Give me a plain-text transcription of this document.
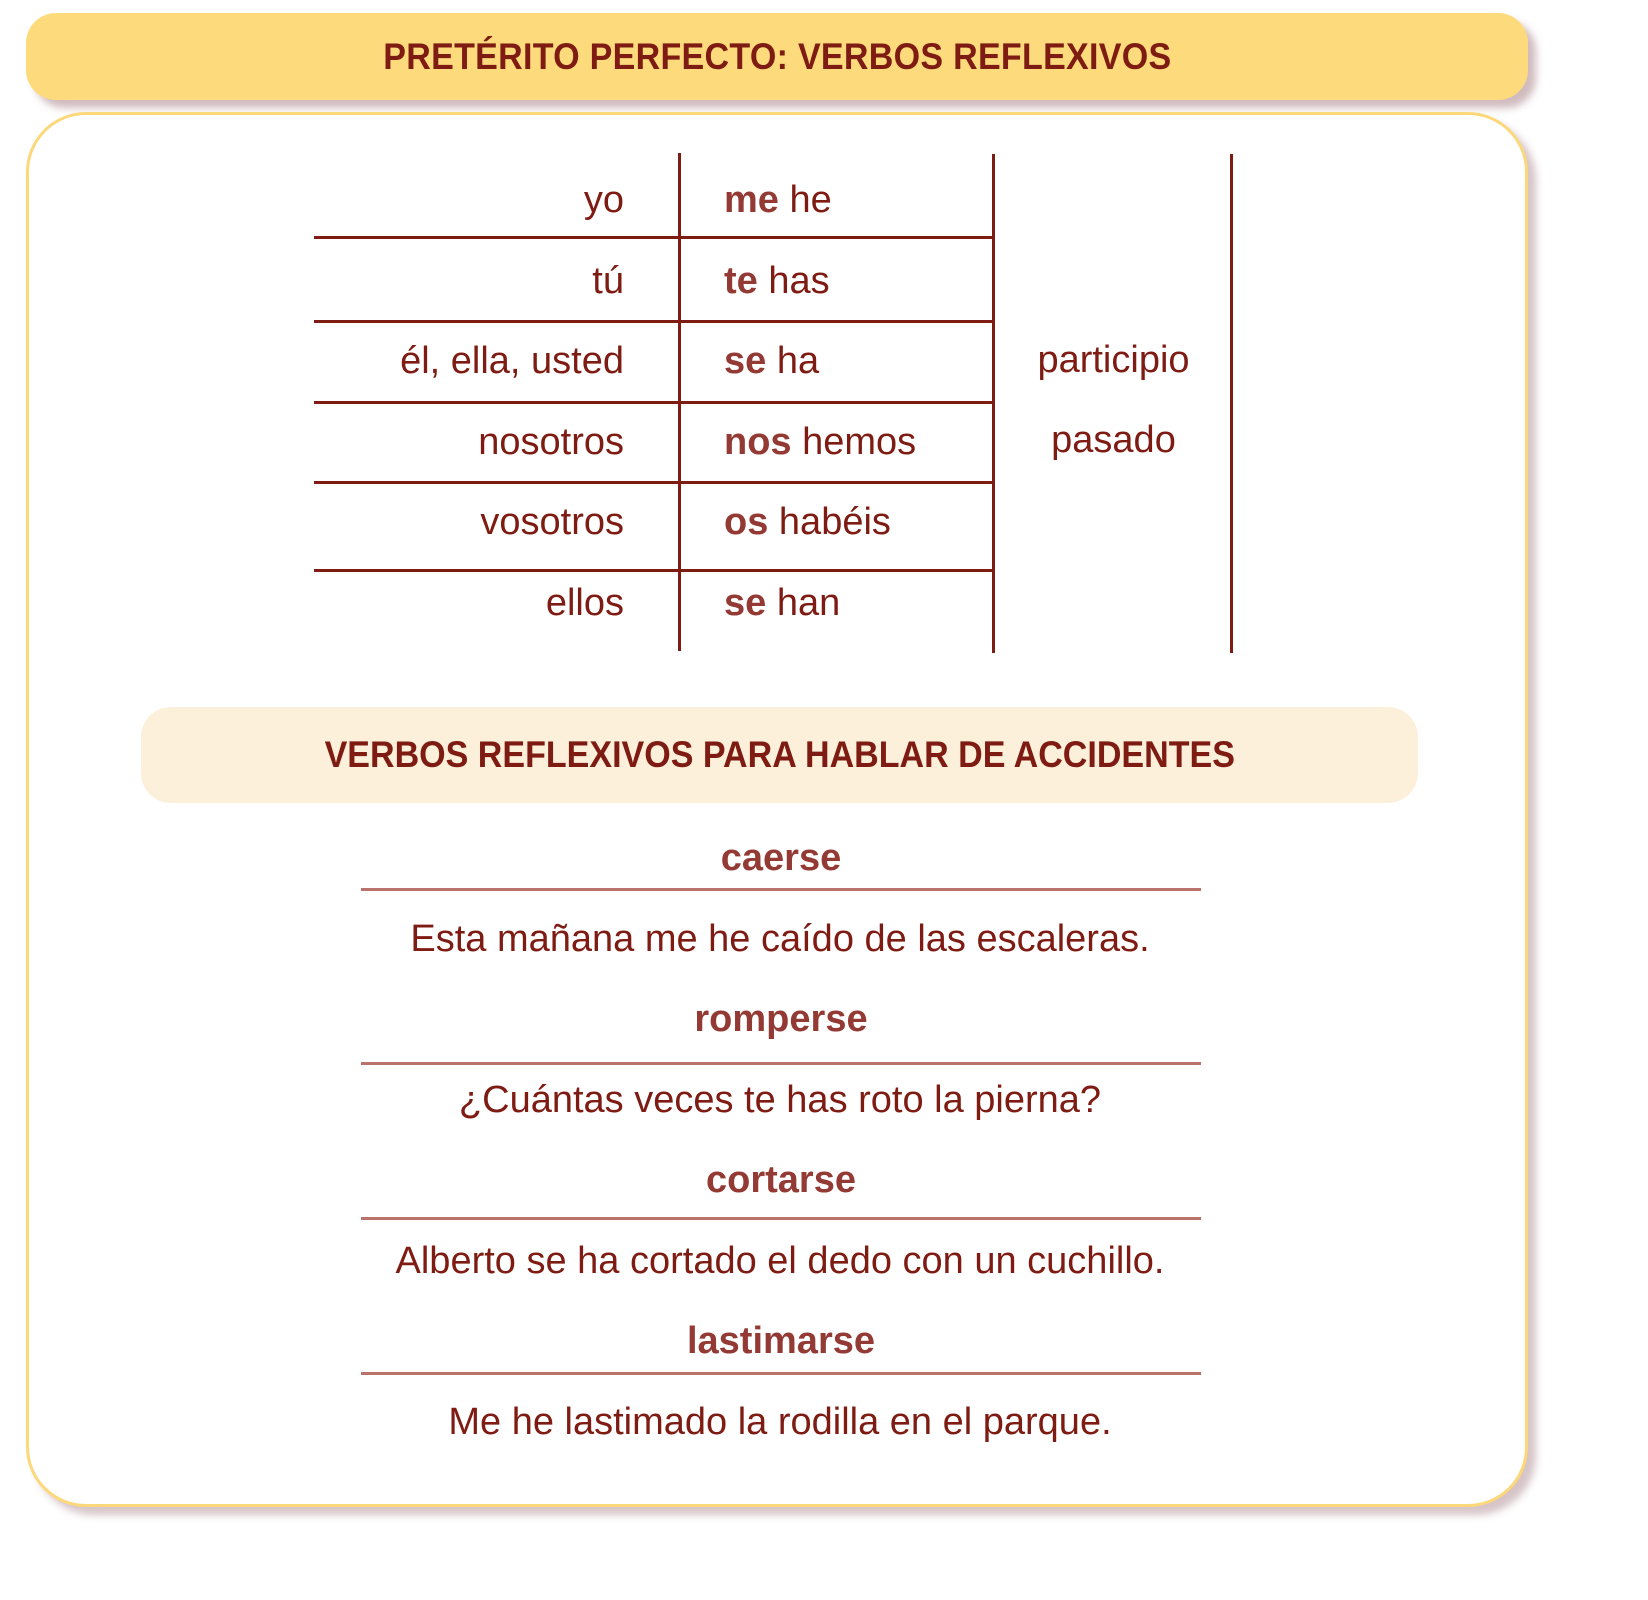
PRETÉRITO PERFECTO: VERBOS REFLEXIVOS
yo
tú
él, ella, usted
nosotros
vosotros
ellos
me he
te has
se ha
nos hemos
os habéis
se han
participio
pasado
VERBOS REFLEXIVOS PARA HABLAR DE ACCIDENTES
caerse
Esta mañana me he caído de las escaleras.
romperse
¿Cuántas veces te has roto la pierna?
cortarse
Alberto se ha cortado el dedo con un cuchillo.
lastimarse
Me he lastimado la rodilla en el parque.
